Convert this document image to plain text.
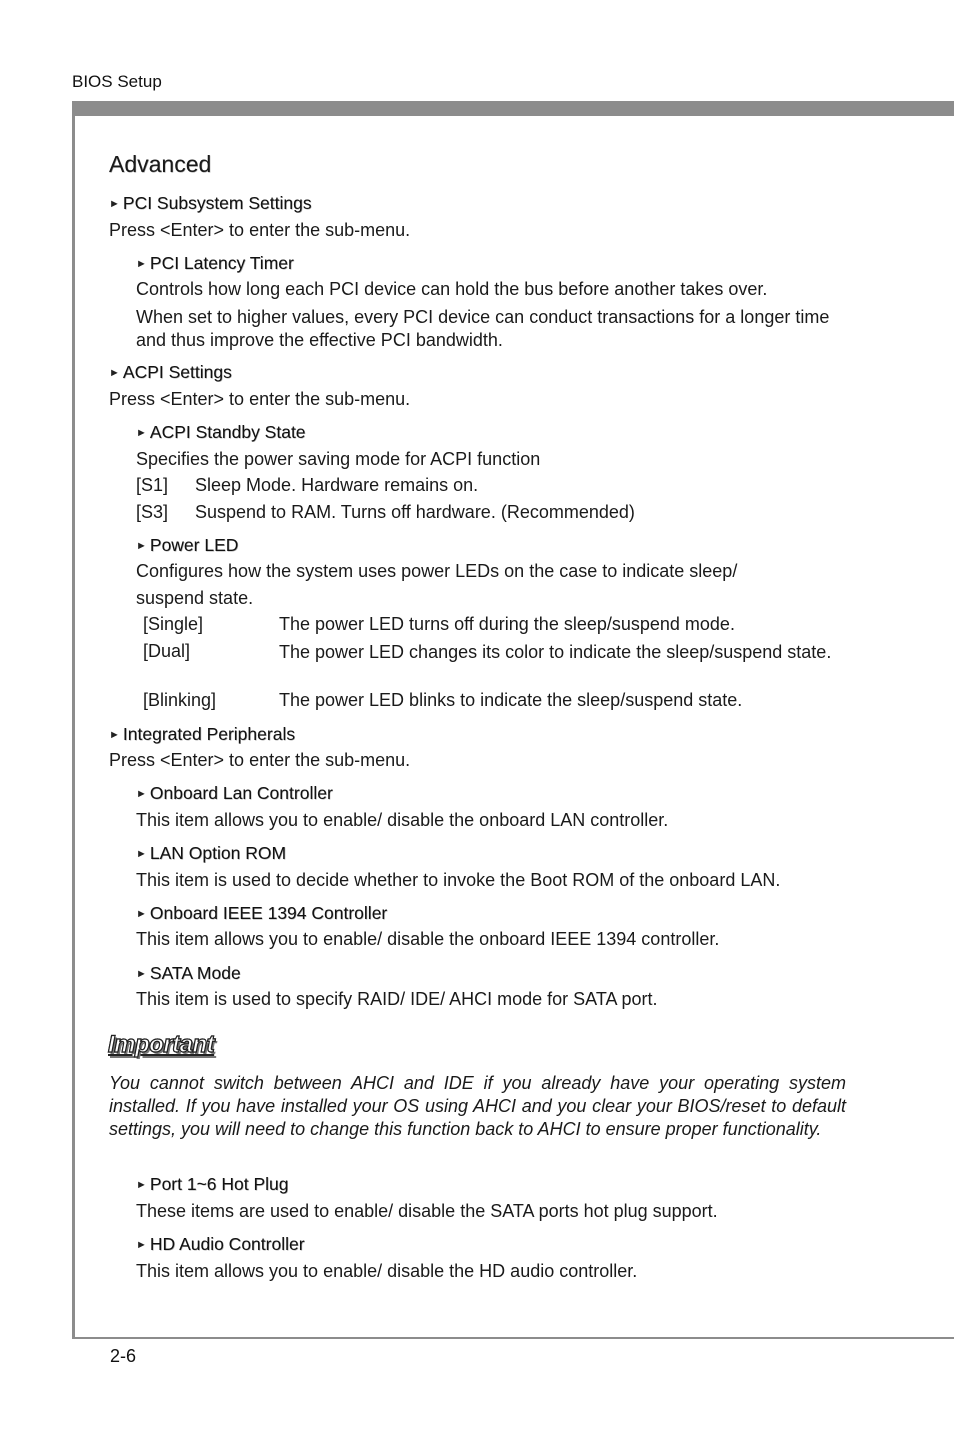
BIOS Setup
2-6
Advanced
► PCI Subsystem Settings
Press <Enter> to enter the sub-menu.
► PCI Latency Timer
Controls how long each PCI device can hold the bus before another takes over.
When set to higher values, every PCI device can conduct transactions for a longer time and thus improve the effective PCI bandwidth.
► ACPI Settings
Press <Enter> to enter the sub-menu.
► ACPI Standby State
Specifies the power saving mode for ACPI function
[S1] Sleep Mode. Hardware remains on.
[S3] Suspend to RAM. Turns off hardware. (Recommended)
► Power LED
Configures how the system uses power LEDs on the case to indicate sleep/
suspend state.
[Single]	The power LED turns off during the sleep/suspend mode.
[Dual]	The power LED changes its color to indicate the sleep/suspend state.
[Blinking]	The power LED blinks to indicate the sleep/suspend state.
► Integrated Peripherals
Press <Enter> to enter the sub-menu.
► Onboard Lan Controller
This item allows you to enable/ disable the onboard LAN controller.
► LAN Option ROM
This item is used to decide whether to invoke the Boot ROM of the onboard LAN.
► Onboard IEEE 1394 Controller
This item allows you to enable/ disable the onboard IEEE 1394 controller.
► SATA Mode
This item is used to specify RAID/ IDE/ AHCI mode for SATA port.
Important
You cannot switch between AHCI and IDE if you already have your operating system installed. If you have installed your OS using AHCI and you clear your BIOS/reset to default settings, you will need to change this function back to AHCI to ensure proper functionality.
► Port 1~6 Hot Plug
These items are used to enable/ disable the SATA ports hot plug support.
► HD Audio Controller
This item allows you to enable/ disable the HD audio controller.
